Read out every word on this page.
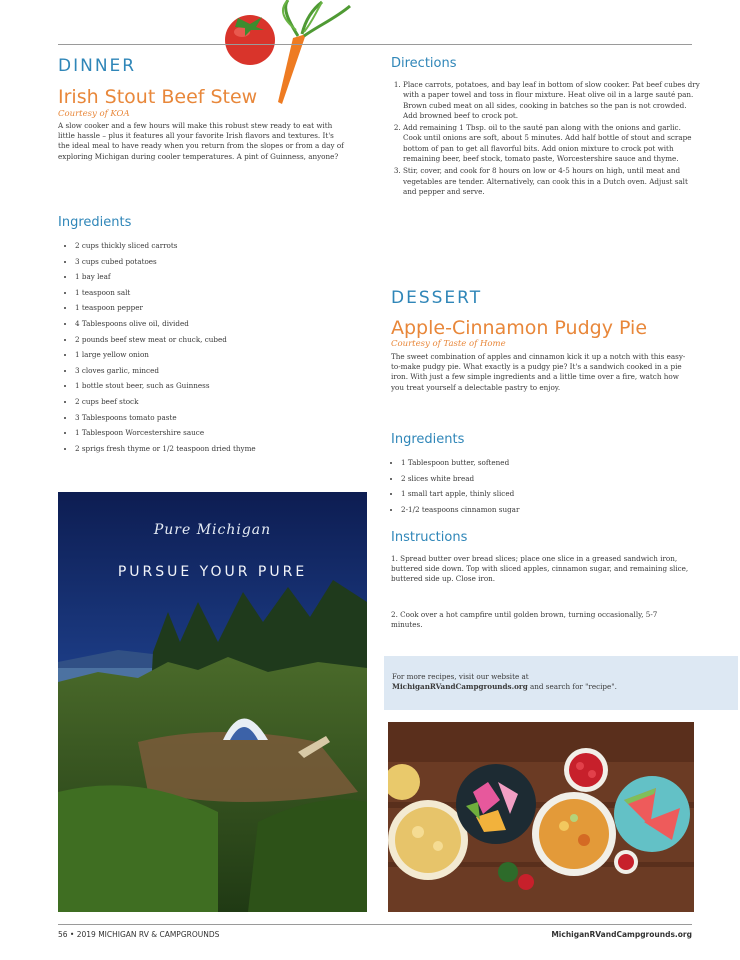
DINNER
Irish Stout Beef Stew
Courtesy of KOA
A slow cooker and a few hours will make this robust stew ready to eat with little hassle – plus it features all your favorite Irish flavors and textures. It's the ideal meal to have ready when you return from the slopes or from a day of exploring Michigan during cooler temperatures. A pint of Guinness, anyone?
Ingredients
• 2 cups thickly sliced carrots
• 3 cups cubed potatoes
• 1 bay leaf
• 1 teaspoon salt
• 1 teaspoon pepper
• 4 Tablespoons olive oil, divided
• 2 pounds beef stew meat or chuck, cubed
• 1 large yellow onion
• 3 cloves garlic, minced
• 1 bottle stout beer, such as Guinness
• 2 cups beef stock
• 3 Tablespoons tomato paste
• 1 Tablespoon Worcestershire sauce
• 2 sprigs fresh thyme or 1/2 teaspoon dried thyme
Pure Michigan
PURSUE YOUR PURE
Directions
1. Place carrots, potatoes, and bay leaf in bottom of slow cooker. Pat beef cubes dry with a paper towel and toss in flour mixture. Heat olive oil in a large sauté pan. Brown cubed meat on all sides, cooking in batches so the pan is not crowded. Add browned beef to crock pot.
2. Add remaining 1 Tbsp. oil to the sauté pan along with the onions and garlic. Cook until onions are soft, about 5 minutes. Add half bottle of stout and scrape bottom of pan to get all flavorful bits. Add onion mixture to crock pot with remaining beer, beef stock, tomato paste, Worcestershire sauce and thyme.
3. Stir, cover, and cook for 8 hours on low or 4-5 hours on high, until meat and vegetables are tender. Alternatively, can cook this in a Dutch oven. Adjust salt and pepper and serve.
DESSERT
Apple-Cinnamon Pudgy Pie
Courtesy of Taste of Home
The sweet combination of apples and cinnamon kick it up a notch with this easy-to-make pudgy pie. What exactly is a pudgy pie? It's a sandwich cooked in a pie iron. With just a few simple ingredients and a little time over a fire, watch how you treat yourself a delectable pastry to enjoy.
Ingredients
• 1 Tablespoon butter, softened
• 2 slices white bread
• 1 small tart apple, thinly sliced
• 2-1/2 teaspoons cinnamon sugar
Instructions
1. Spread butter over bread slices; place one slice in a greased sandwich iron, buttered side down. Top with sliced apples, cinnamon sugar, and remaining slice, buttered side up. Close iron.
2. Cook over a hot campfire until golden brown, turning occasionally, 5-7 minutes.
For more recipes, visit our website at
MichiganRVandCampgrounds.org and search for "recipe".
56 • 2019 MICHIGAN RV & CAMPGROUNDS	MichiganRVandCampgrounds.org
